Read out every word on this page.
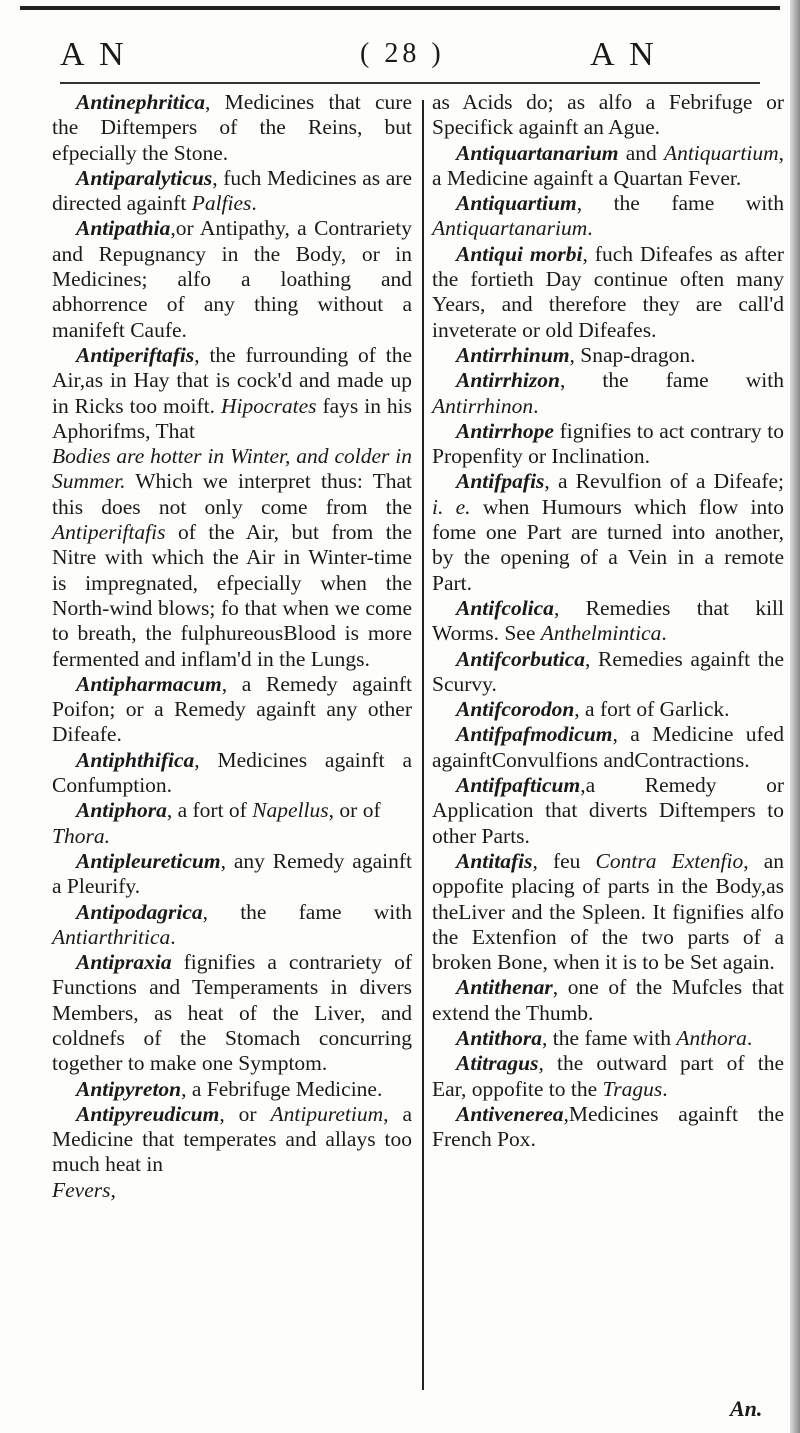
A N	( 28 )	A N

Antinephritica, Medicines that cure the Diftempers of the Reins, but efpecially the Stone.

Antiparalyticus, fuch Medicines as are directed againft Palfies.

Antipathia,or Antipathy, a Contrariety and Repugnancy in the Body, or in Medicines; alfo a loathing and abhorrence of any thing without a manifeft Caufe.

Antiperiftafis, the furrounding of the Air,as in Hay that is cock'd and made up in Ricks too moift. Hipocrates fays in his Aphorifms, That

Bodies are hotter in Winter, and colder in Summer. Which we interpret thus: That this does not only come from the Antiperiftafis of the Air, but from the Nitre with which the Air in Winter-time is impregnated, efpecially when the North-wind blows; fo that when we come to breath, the fulphureousBlood is more fermented and inflam'd in the Lungs.

Antipharmacum, a Remedy againft Poifon; or a Remedy againft any other Difeafe.

Antiphthifica, Medicines againft a Confumption.

Antiphora, a fort of Napellus, or of

Thora.

Antipleureticum, any Remedy againft a Pleurify.

Antipodagrica, the fame with Antiarthritica.

Antipraxia fignifies a contrariety of Functions and Temperaments in divers Members, as heat of the Liver, and coldnefs of the Stomach concurring together to make one Symptom.

Antipyreton, a Febrifuge Medicine.

Antipyreudicum, or Antipuretium, a Medicine that temperates and allays too much heat in

Fevers,

as Acids do; as alfo a Febrifuge or Specifick againft an Ague.

Antiquartanarium and Antiquartium, a Medicine againft a Quartan Fever.

Antiquartium, the fame with Antiquartanarium.

Antiqui morbi, fuch Difeafes as after the fortieth Day continue often many Years, and therefore they are call'd inveterate or old Difeafes.

Antirrhinum, Snap-dragon.

Antirrhizon, the fame with Antirrhinon.

Antirrhope fignifies to act contrary to Propenfity or Inclination.

Antifpafis, a Revulfion of a Difeafe; i. e. when Humours which flow into fome one Part are turned into another, by the opening of a Vein in a remote Part.

Antifcolica, Remedies that kill Worms. See Anthelmintica.

Antifcorbutica, Remedies againft the Scurvy.

Antifcorodon, a fort of Garlick.

Antifpafmodicum, a Medicine ufed againftConvulfions andContractions.

Antifpafticum,a Remedy or Application that diverts Diftempers to other Parts.

Antitafis, feu Contra Extenfio, an oppofite placing of parts in the Body,as theLiver and the Spleen. It fignifies alfo the Extenfion of the two parts of a broken Bone, when it is to be Set again.

Antithenar, one of the Mufcles that extend the Thumb.

Antithora, the fame with Anthora.

Atitragus, the outward part of the Ear, oppofite to the Tragus.

Antivenerea,Medicines againft the French Pox.

An.
